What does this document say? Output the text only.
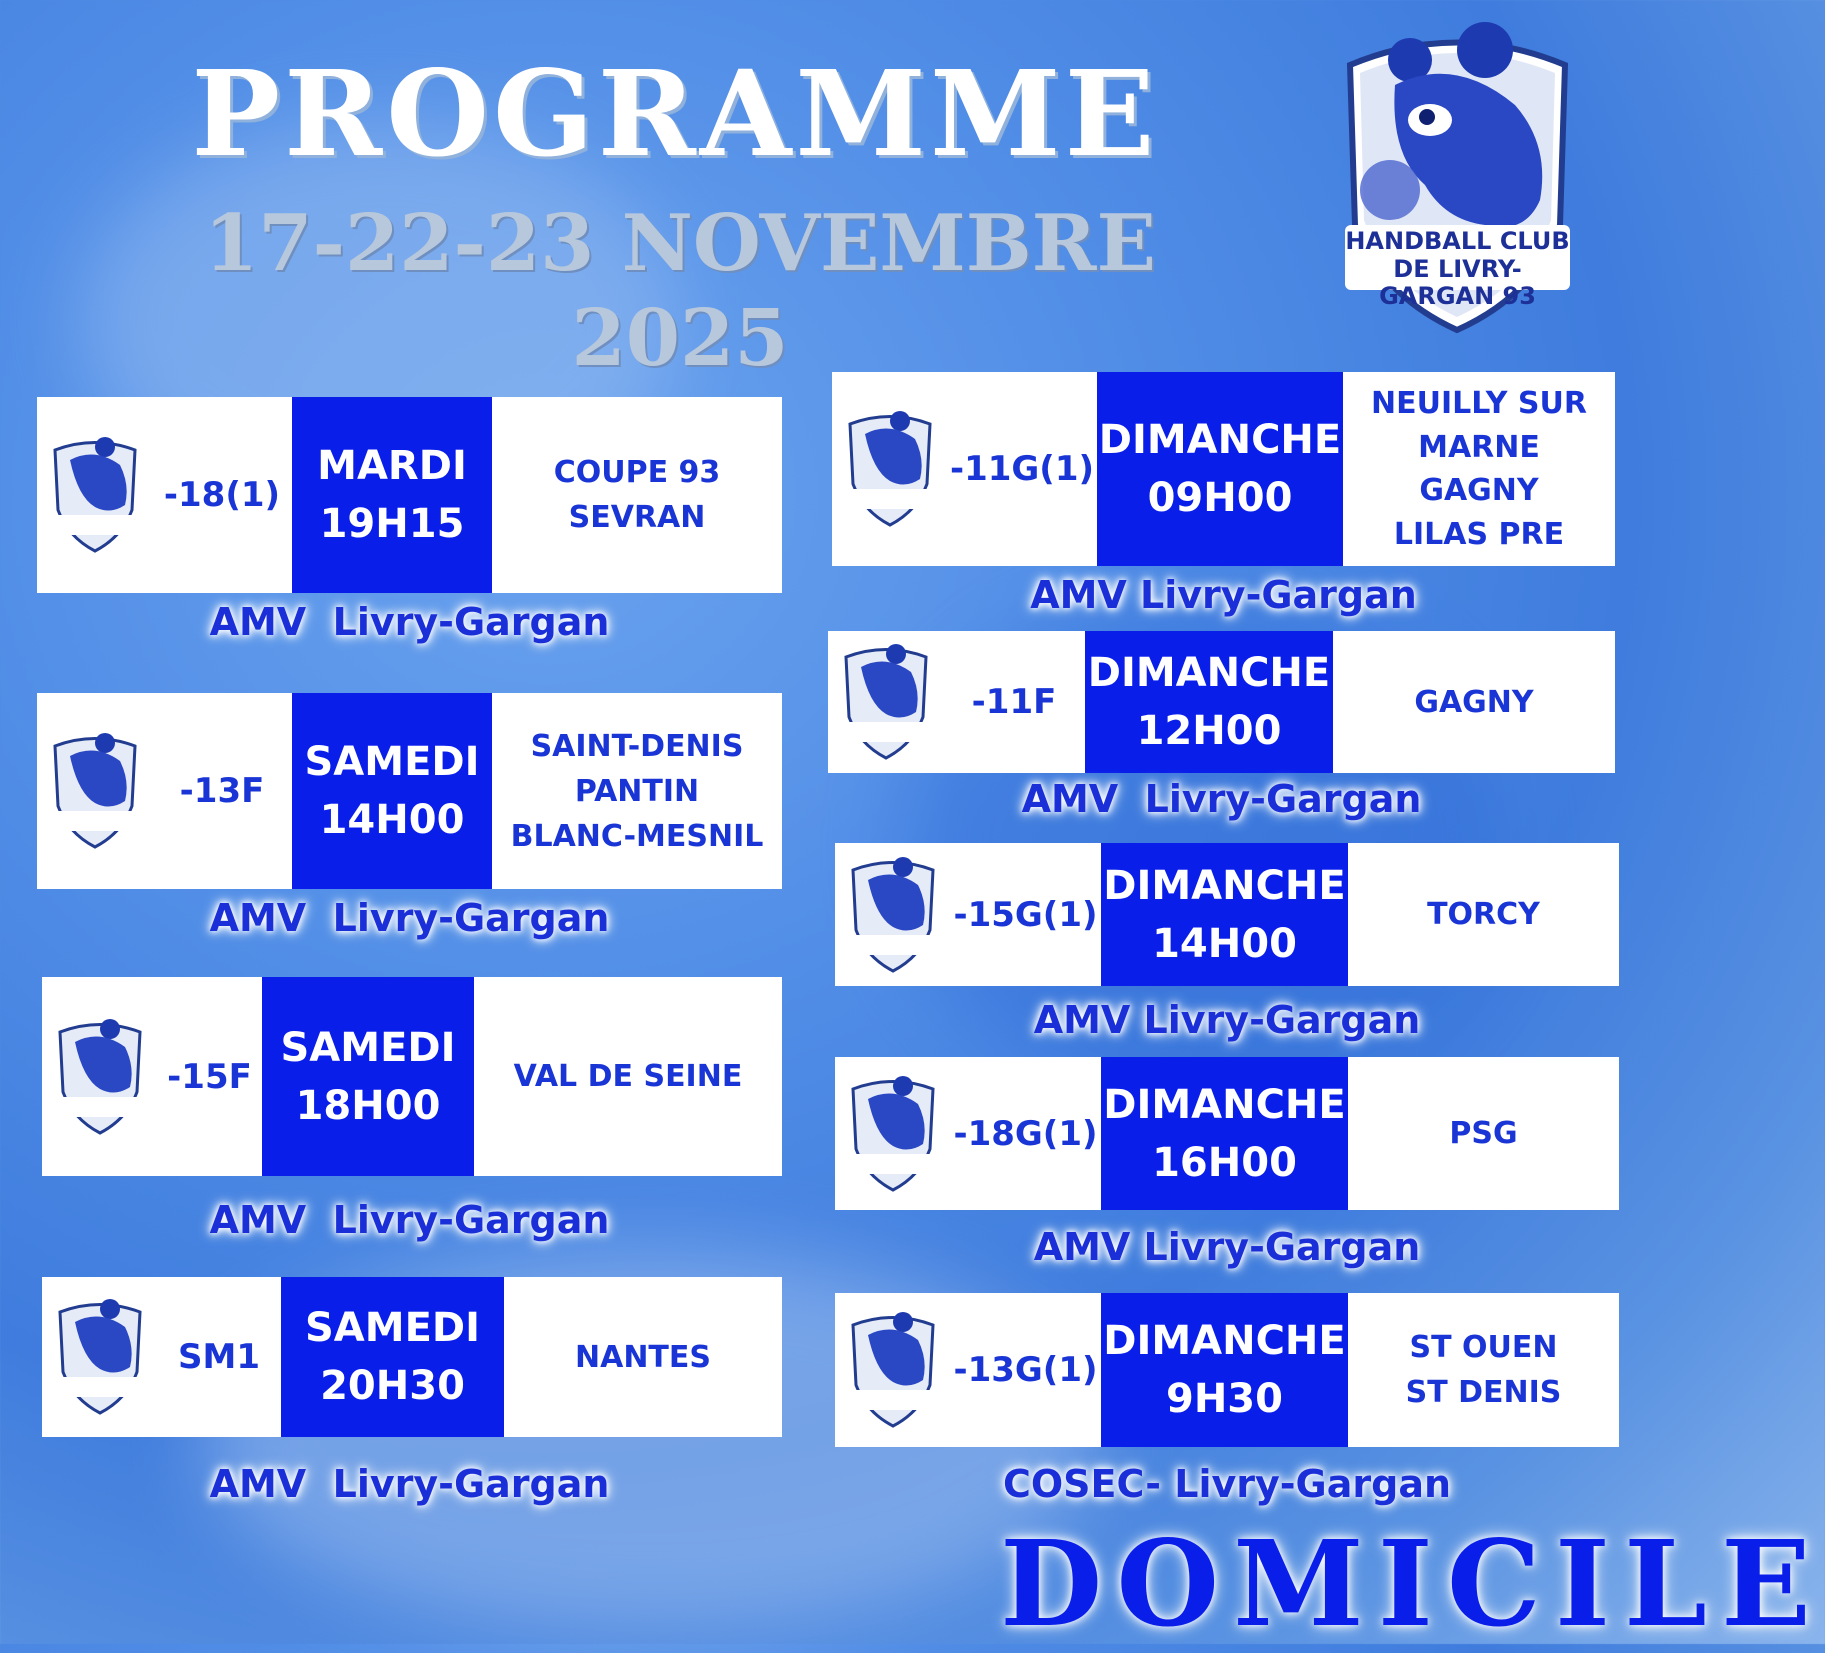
PROGRAMME
17-22-23 NOVEMBRE
2025
HANDBALL CLUB DE LIVRY-GARGAN 93
-18(1)
MARDI
19H15
COUPE 93
SEVRAN
AMV  Livry-Gargan
-13F
SAMEDI
14H00
SAINT-DENIS
PANTIN
BLANC-MESNIL
AMV  Livry-Gargan
-15F
SAMEDI
18H00
VAL DE SEINE
AMV  Livry-Gargan
SM1
SAMEDI
20H30
NANTES
AMV  Livry-Gargan
-11G(1)
DIMANCHE
09H00
NEUILLY SUR
MARNE
GAGNY
LILAS PRE
AMV Livry-Gargan
-11F
DIMANCHE
12H00
GAGNY
AMV  Livry-Gargan
-15G(1)
DIMANCHE
14H00
TORCY
AMV Livry-Gargan
-18G(1)
DIMANCHE
16H00
PSG
AMV Livry-Gargan
-13G(1)
DIMANCHE
9H30
ST OUEN
ST DENIS
COSEC- Livry-Gargan
DOMICILE
